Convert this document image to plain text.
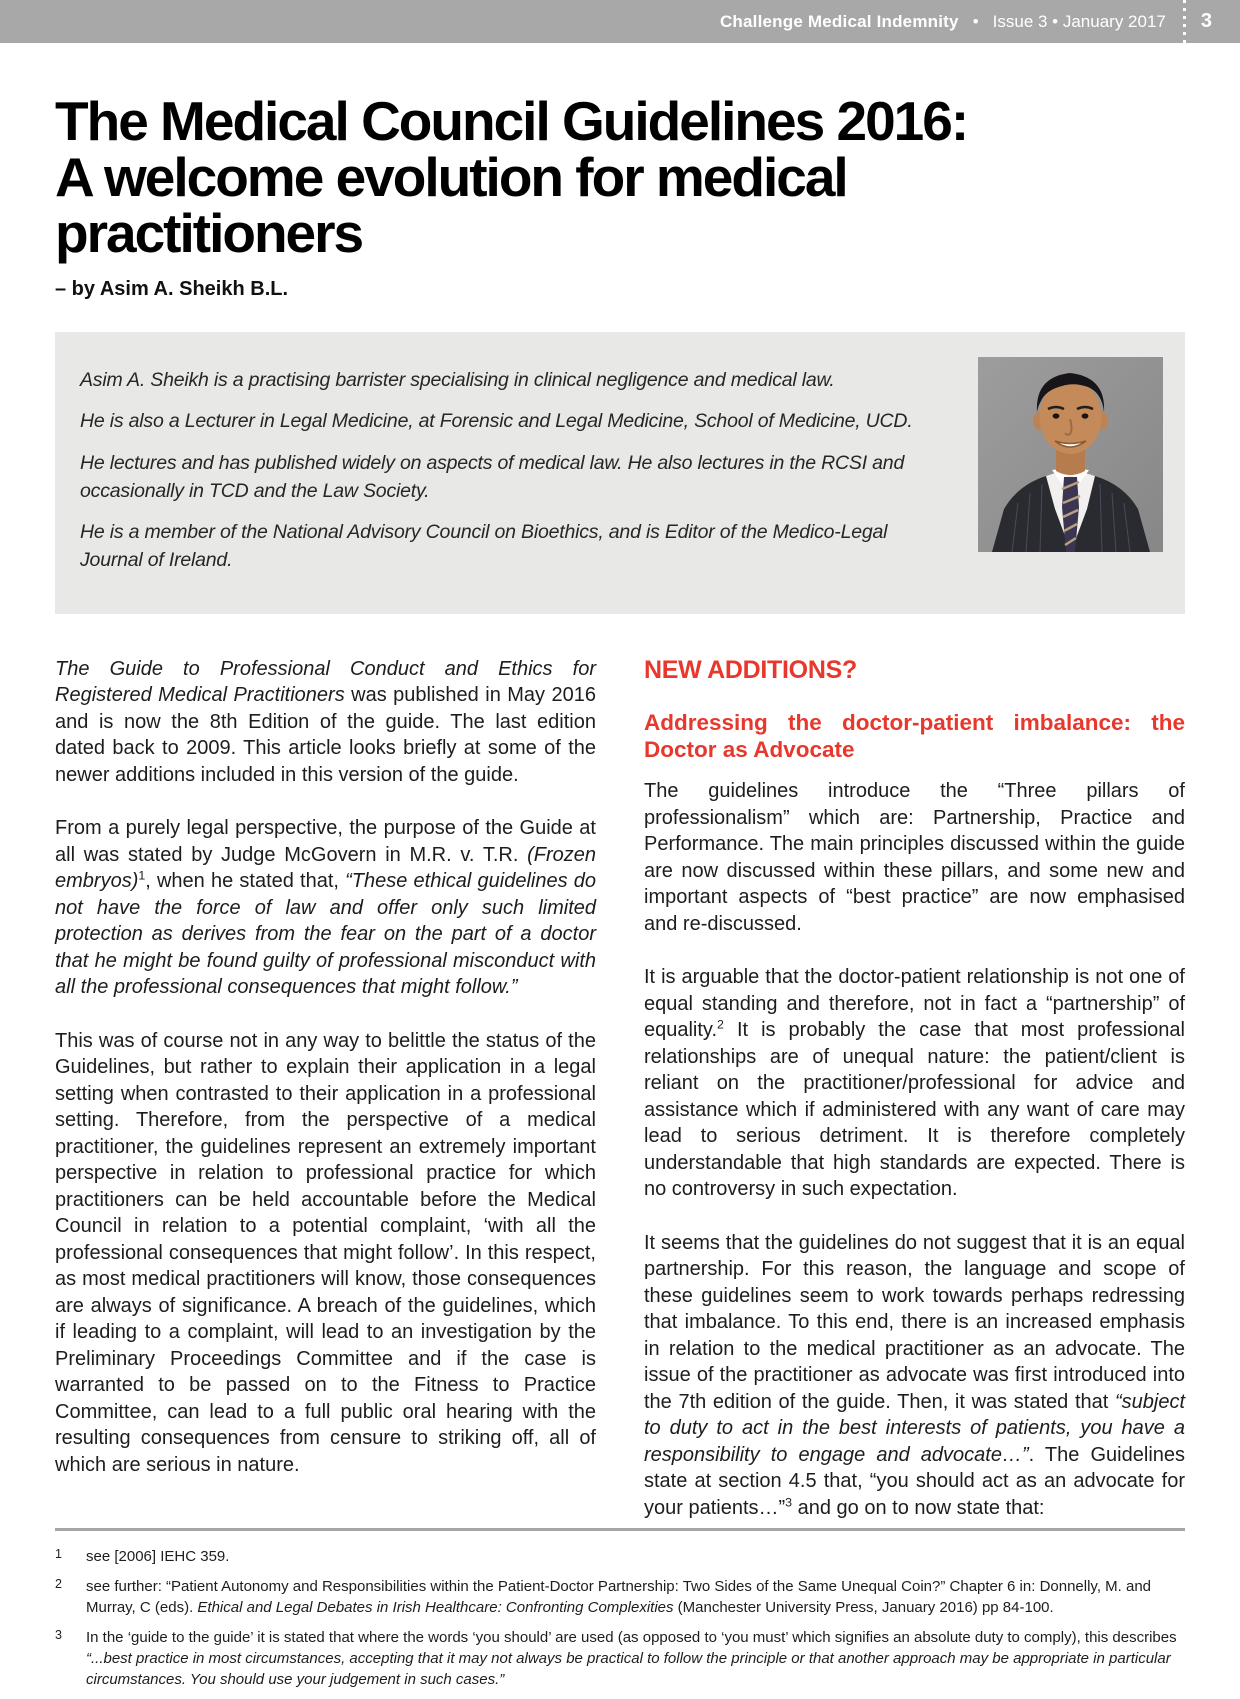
Challenge Medical Indemnity • Issue 3 • January 2017 3
The Medical Council Guidelines 2016:
A welcome evolution for medical
practitioners
– by Asim A. Sheikh B.L.

Asim A. Sheikh is a practising barrister specialising in clinical negligence and medical law.

He is also a Lecturer in Legal Medicine, at Forensic and Legal Medicine, School of Medicine, UCD.

He lectures and has published widely on aspects of medical law. He also lectures in the RCSI and occasionally in TCD and the Law Society.

He is a member of the National Advisory Council on Bioethics, and is Editor of the Medico-Legal Journal of Ireland.

The Guide to Professional Conduct and Ethics for Registered Medical Practitioners was published in May 2016 and is now the 8th Edition of the guide. The last edition dated back to 2009. This article looks briefly at some of the newer additions included in this version of the guide.

From a purely legal perspective, the purpose of the Guide at all was stated by Judge McGovern in M.R. v. T.R. (Frozen embryos)$^1$, when he stated that, “These ethical guidelines do not have the force of law and offer only such limited protection as derives from the fear on the part of a doctor that he might be found guilty of professional misconduct with all the professional consequences that might follow.”

This was of course not in any way to belittle the status of the Guidelines, but rather to explain their application in a legal setting when contrasted to their application in a professional setting. Therefore, from the perspective of a medical practitioner, the guidelines represent an extremely important perspective in relation to professional practice for which practitioners can be held accountable before the Medical Council in relation to a potential complaint, ‘with all the professional consequences that might follow’. In this respect, as most medical practitioners will know, those consequences are always of significance. A breach of the guidelines, which if leading to a complaint, will lead to an investigation by the Preliminary Proceedings Committee and if the case is warranted to be passed on to the Fitness to Practice Committee, can lead to a full public oral hearing with the resulting consequences from censure to striking off, all of which are serious in nature.

NEW ADDITIONS?
Addressing the doctor-patient imbalance: the Doctor as Advocate

The guidelines introduce the “Three pillars of professionalism” which are: Partnership, Practice and Performance. The main principles discussed within the guide are now discussed within these pillars, and some new and important aspects of “best practice” are now emphasised and re-discussed.

It is arguable that the doctor-patient relationship is not one of equal standing and therefore, not in fact a “partnership” of equality.$^2$ It is probably the case that most professional relationships are of unequal nature: the patient/client is reliant on the practitioner/professional for advice and assistance which if administered with any want of care may lead to serious detriment. It is therefore completely understandable that high standards are expected. There is no controversy in such expectation.

It seems that the guidelines do not suggest that it is an equal partnership. For this reason, the language and scope of these guidelines seem to work towards perhaps redressing that imbalance. To this end, there is an increased emphasis in relation to the medical practitioner as an advocate. The issue of the practitioner as advocate was first introduced into the 7th edition of the guide. Then, it was stated that “subject to duty to act in the best interests of patients, you have a responsibility to engage and advocate…”. The Guidelines state at section 4.5 that, “you should act as an advocate for your patients…”$^3$ and go on to now state that:

1	see [2006] IEHC 359.
2	see further: “Patient Autonomy and Responsibilities within the Patient-Doctor Partnership: Two Sides of the Same Unequal Coin?” Chapter 6 in: Donnelly, M. and Murray, C (eds). Ethical and Legal Debates in Irish Healthcare: Confronting Complexities (Manchester University Press, January 2016) pp 84-100.
3	In the ‘guide to the guide’ it is stated that where the words ‘you should’ are used (as opposed to ‘you must’ which signifies an absolute duty to comply), this describes “...best practice in most circumstances, accepting that it may not always be practical to follow the principle or that another approach may be appropriate in particular circumstances. You should use your judgement in such cases.”
